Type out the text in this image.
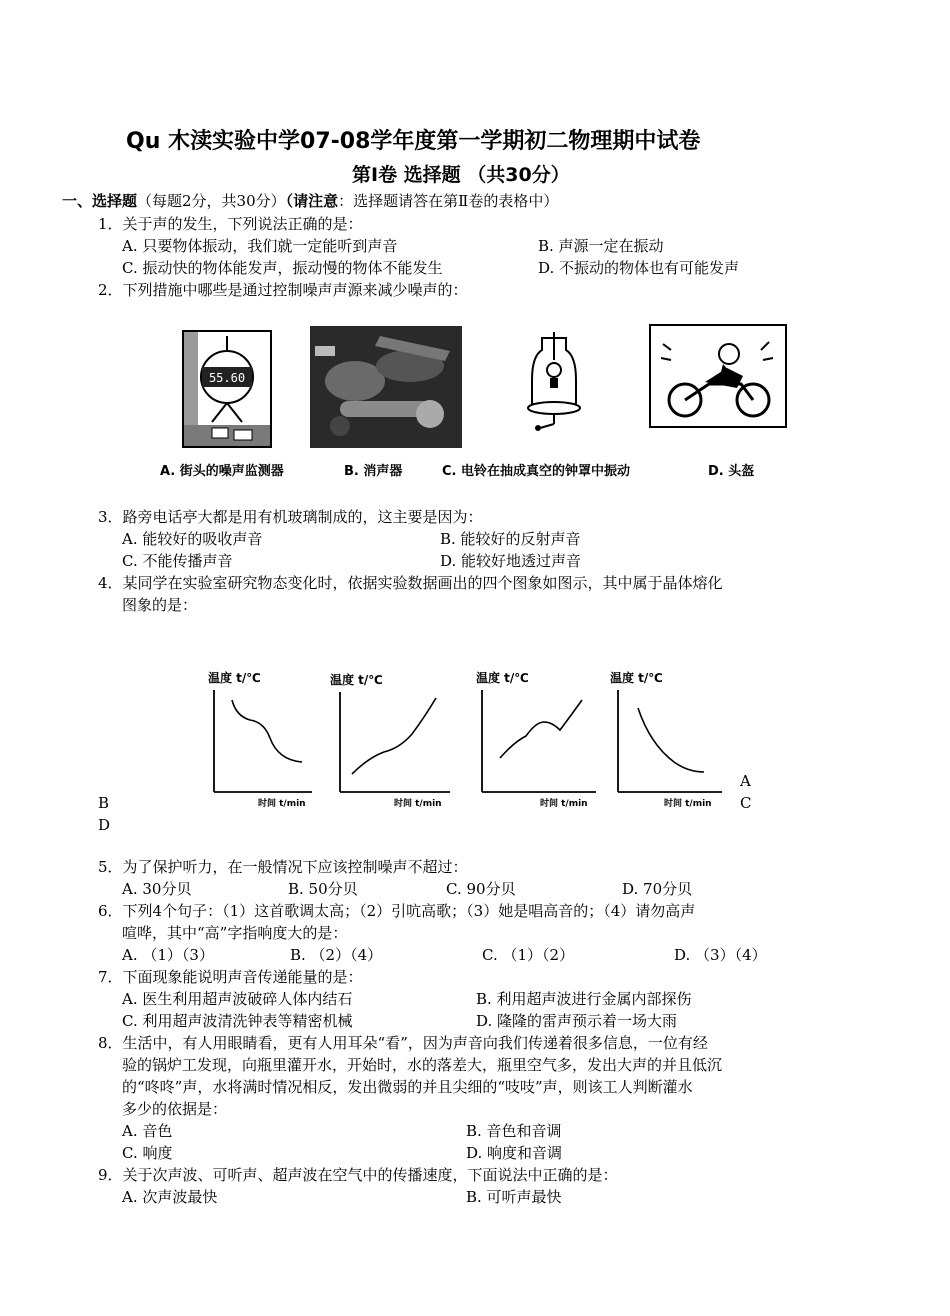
Qu 木渎实验中学07-08学年度第一学期初二物理期中试卷
第Ⅰ卷 选择题 （共30分）
一、选择题（每题2分，共30分）（请注意：选择题请答在第Ⅱ卷的表格中）
1．关于声的发生，下列说法正确的是：
A. 只要物体振动，我们就一定能听到声音	B. 声源一定在振动
C. 振动快的物体能发声，振动慢的物体不能发生	D. 不振动的物体也有可能发声
2．下列措施中哪些是通过控制噪声声源来减少噪声的：
55.60
A. 街头的噪声监测器	B. 消声器	C. 电铃在抽成真空的钟罩中振动	D. 头盔
3．路旁电话亭大都是用有机玻璃制成的，这主要是因为：
A. 能较好的吸收声音	B. 能较好的反射声音
C. 不能传播声音	D. 能较好地透过声音
4．某同学在实验室研究物态变化时，依据实验数据画出的四个图象如图示，其中属于晶体熔化
图象的是：
温度 t/℃
时间 t/min
温度 t/℃
时间 t/min
温度 t/℃
时间 t/min
温度 t/℃
时间 t/min
A
B	C
D
5．为了保护听力，在一般情况下应该控制噪声不超过：
A. 30分贝	B. 50分贝	C. 90分贝	D. 70分贝
6．下列4个句子：（1）这首歌调太高；（2）引吭高歌；（3）她是唱高音的；（4）请勿高声
喧哗，其中“高”字指响度大的是：
A. （1）（3）	B. （2）（4）	C. （1）（2）	D. （3）（4）
7．下面现象能说明声音传递能量的是：
A. 医生利用超声波破碎人体内结石	B. 利用超声波进行金属内部探伤
C. 利用超声波清洗钟表等精密机械	D. 隆隆的雷声预示着一场大雨
8．生活中，有人用眼睛看，更有人用耳朵“看”，因为声音向我们传递着很多信息，一位有经
验的锅炉工发现，向瓶里灌开水，开始时，水的落差大，瓶里空气多，发出大声的并且低沉
的“咚咚”声，水将满时情况相反，发出微弱的并且尖细的“吱吱”声，则该工人判断灌水
多少的依据是：
A. 音色	B. 音色和音调
C. 响度	D. 响度和音调
9．关于次声波、可听声、超声波在空气中的传播速度，下面说法中正确的是：
A. 次声波最快	B. 可听声最快
